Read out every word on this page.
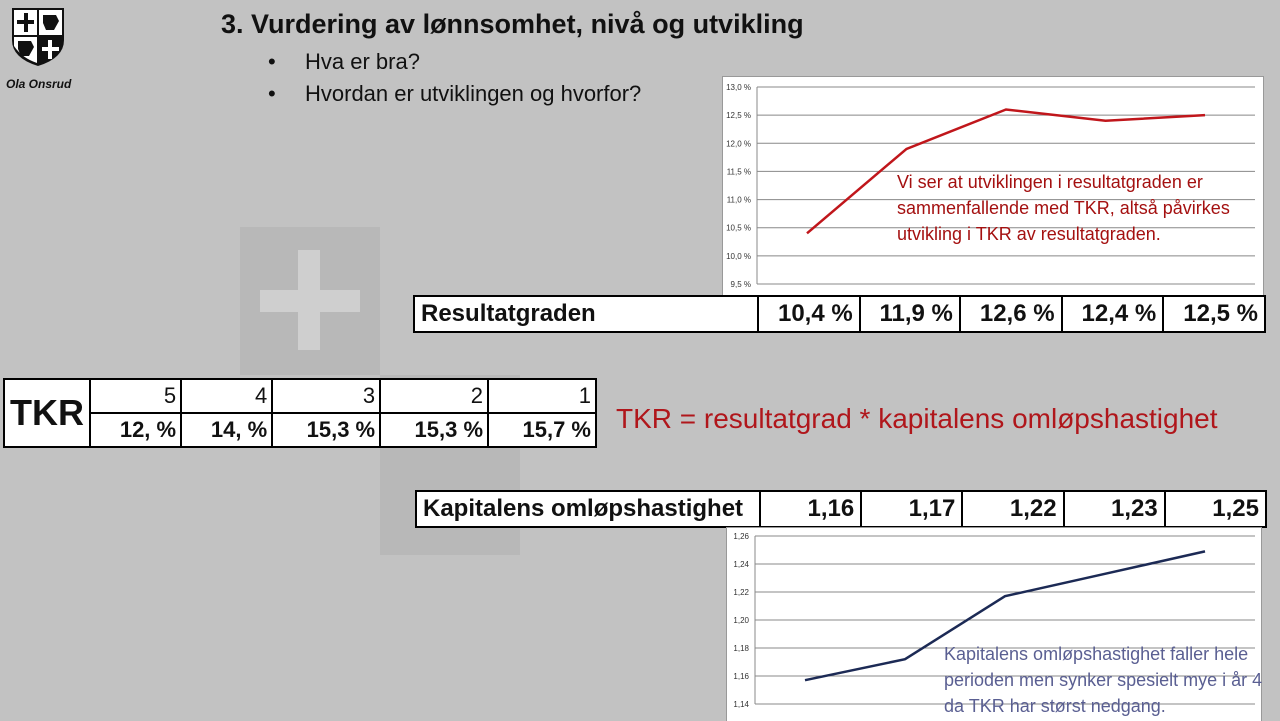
Ola Onsrud
3. Vurdering av lønnsomhet, nivå og utvikling
• Hva er bra?
• Hvordan er utviklingen og hvorfor?
9,5 %
10,0 %
10,5 %
11,0 %
11,5 %
12,0 %
12,5 %
13,0 %
Vi ser at utviklingen i resultatgraden er sammenfallende med TKR, altså påvirkes utvikling i TKR av resultatgraden.
Resultatgraden	10,4 %	11,9 %	12,6 %	12,4 %	12,5 %
TKR	5	4	3	2	1
	12, %	14, %	15,3 %	15,3 %	15,7 % TKR = resultatgrad * kapitalens omløpshastighet
Kapitalens omløpshastighet	1,16	1,17	1,22	1,23	1,25
1,14
1,16
1,18
1,20
1,22
1,24
1,26
Kapitalens omløpshastighet faller hele perioden men synker spesielt mye i år 4 da TKR har størst nedgang.
